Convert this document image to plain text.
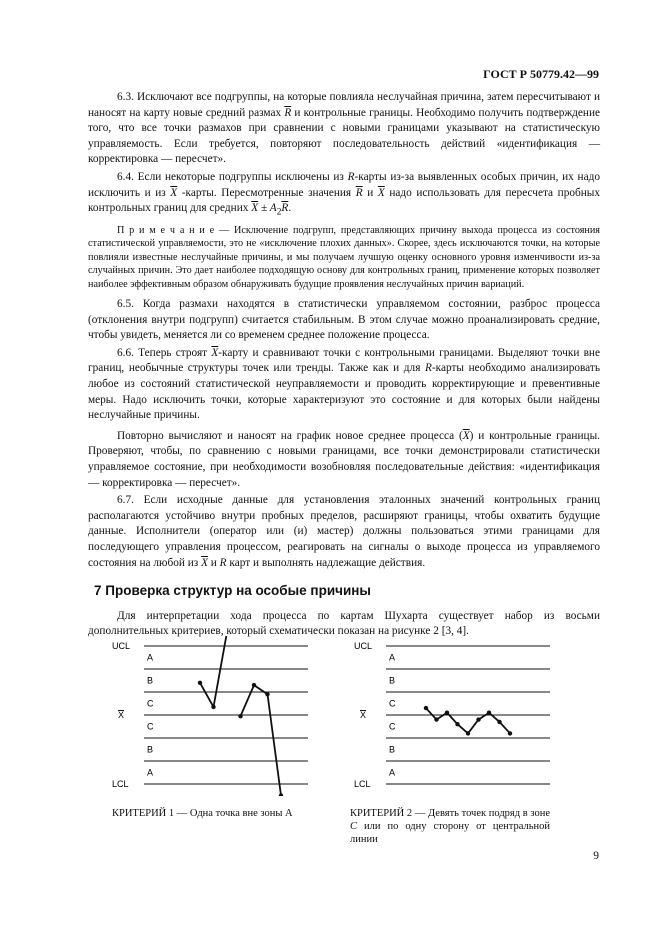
ГОСТ Р 50779.42—99

6.3. Исключают все подгруппы, на которые повлияла неслучайная причина, затем пересчитывают и наносят на карту новые средний размах $\overline{R}$ и контрольные границы. Необходимо получить подтверждение того, что все точки размахов при сравнении с новыми границами указывают на статистическую управляемость. Если требуется, повторяют последовательность действий «идентификация — корректировка — пересчет».

6.4. Если некоторые подгруппы исключены из R-карты из-за выявленных особых причин, их надо исключить и из $\overline{X}$ -карты. Пересмотренные значения $\overline{R}$ и $\overline{X}$ надо использовать для пересчета пробных контрольных границ для средних $\overline{X} \pm A_2\overline{R}$.

П р и м е ч а н и е — Исключение подгрупп, представляющих причину выхода процесса из состояния статистической управляемости, это не «исключение плохих данных». Скорее, здесь исключаются точки, на которые повлияли известные неслучайные причины, и мы получаем лучшую оценку основного уровня изменчивости из-за случайных причин. Это дает наиболее подходящую основу для контрольных границ, применение которых позволяет наиболее эффективным образом обнаруживать будущие проявления неслучайных причин вариаций.

6.5. Когда размахи находятся в статистически управляемом состоянии, разброс процесса (отклонения внутри подгрупп) считается стабильным. В этом случае можно проанализировать средние, чтобы увидеть, меняется ли со временем среднее положение процесса.

6.6. Теперь строят $\overline{X}$-карту и сравнивают точки с контрольными границами. Выделяют точки вне границ, необычные структуры точек или тренды. Также как и для R-карты необходимо анализировать любое из состояний статистической неуправляемости и проводить корректирующие и превентивные меры. Надо исключить точки, которые характеризуют это состояние и для которых были найдены неслучайные причины.

Повторно вычисляют и наносят на график новое среднее процесса $(\overline{X})$ и контрольные границы. Проверяют, чтобы, по сравнению с новыми границами, все точки демонстрировали статистически управляемое состояние, при необходимости возобновляя последовательные действия: «идентификация — корректировка — пересчет».

6.7. Если исходные данные для установления эталонных значений контрольных границ располагаются устойчиво внутри пробных пределов, расширяют границы, чтобы охватить будущие данные. Исполнители (оператор или (и) мастер) должны пользоваться этими границами для последующего управления процессом, реагировать на сигналы о выходе процесса из управляемого состояния на любой из $\overline{X}$ и R карт и выполнять надлежащие действия.

7 Проверка структур на особые причины

Для интерпретации хода процесса по картам Шухарта существует набор из восьми дополнительных критериев, который схематически показан на рисунке 2 [3, 4].

UCL
LCL
X
A
B
C
C
B
A
UCL
LCL
X
A
B
C
C
B
A
КРИТЕРИЙ 1 — Одна точка вне зоны А	КРИТЕРИЙ 2 — Девять точек подряд в зоне C или по одну сторону от центральной линии
9
